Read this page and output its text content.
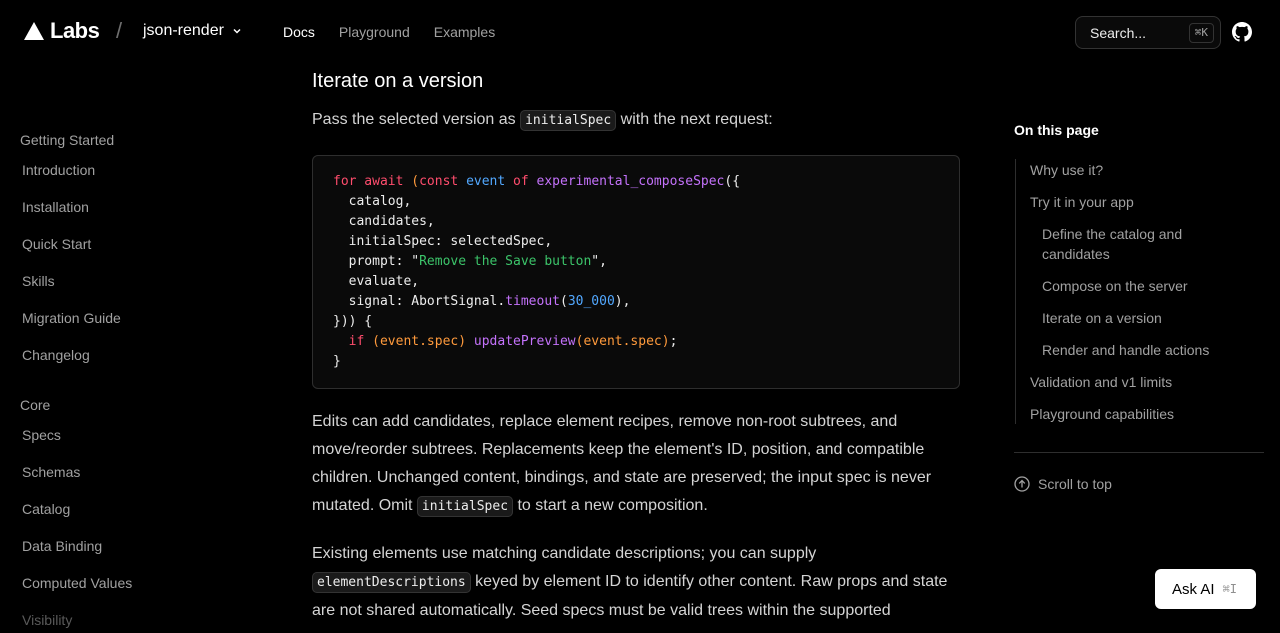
Labs / json-render	Docs Playground Examples	Search...	⌘K
Getting Started
Introduction
Installation
Quick Start
Skills
Migration Guide
Changelog
Core
Specs
Schemas
Catalog
Data Binding
Computed Values
Visibility
Iterate on a version

Pass the selected version as initialSpec with the next request:

for await (const event of experimental_composeSpec({
catalog,
candidates,
initialSpec: selectedSpec,
prompt: "Remove the Save button",
evaluate,
signal: AbortSignal.timeout(30_000),
})) {
if (event.spec) updatePreview(event.spec);
}

Edits can add candidates, replace element recipes, remove non-root subtrees, and move/reorder subtrees. Replacements keep the element's ID, position, and compatible children. Unchanged content, bindings, and state are preserved; the input spec is never mutated. Omit initialSpec to start a new composition.

Existing elements use matching candidate descriptions; you can supply elementDescriptions keyed by element ID to identify other content. Raw props and state are not shared automatically. Seed specs must be valid trees within the supported

On this page
Why use it?
Try it in your app
Define the catalog and candidates
Compose on the server
Iterate on a version
Render and handle actions
Validation and v1 limits
Playground capabilities
Scroll to top
Ask AI ⌘I
